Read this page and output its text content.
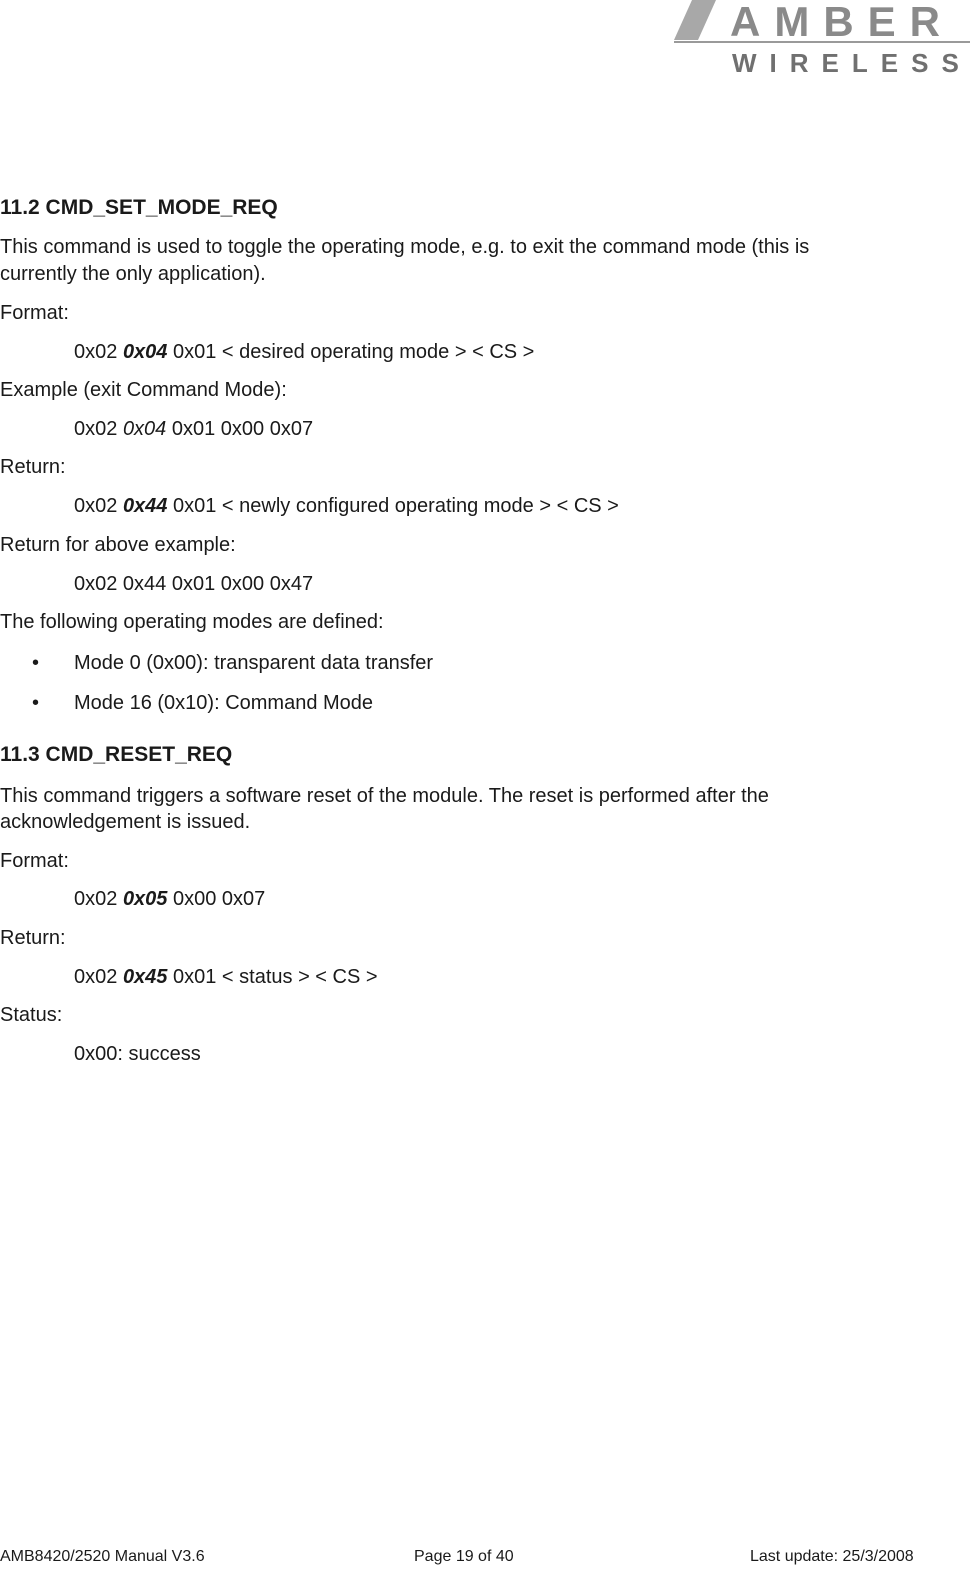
AMBER
WIRELESS
11.2 CMD_SET_MODE_REQ
This command is used to toggle the operating mode, e.g. to exit the command mode (this is
currently the only application).
Format:
0x02 0x04 0x01 < desired operating mode > < CS >
Example (exit Command Mode):
0x02 0x04 0x01 0x00 0x07
Return:
0x02 0x44 0x01 < newly configured operating mode > < CS >
Return for above example:
0x02 0x44 0x01 0x00 0x47
The following operating modes are defined:
• Mode 0 (0x00): transparent data transfer
• Mode 16 (0x10): Command Mode
11.3 CMD_RESET_REQ
This command triggers a software reset of the module. The reset is performed after the
acknowledgement is issued.
Format:
0x02 0x05 0x00 0x07
Return:
0x02 0x45 0x01 < status > < CS >
Status:
0x00: success
AMB8420/2520 Manual V3.6	Page 19 of 40	Last update: 25/3/2008
